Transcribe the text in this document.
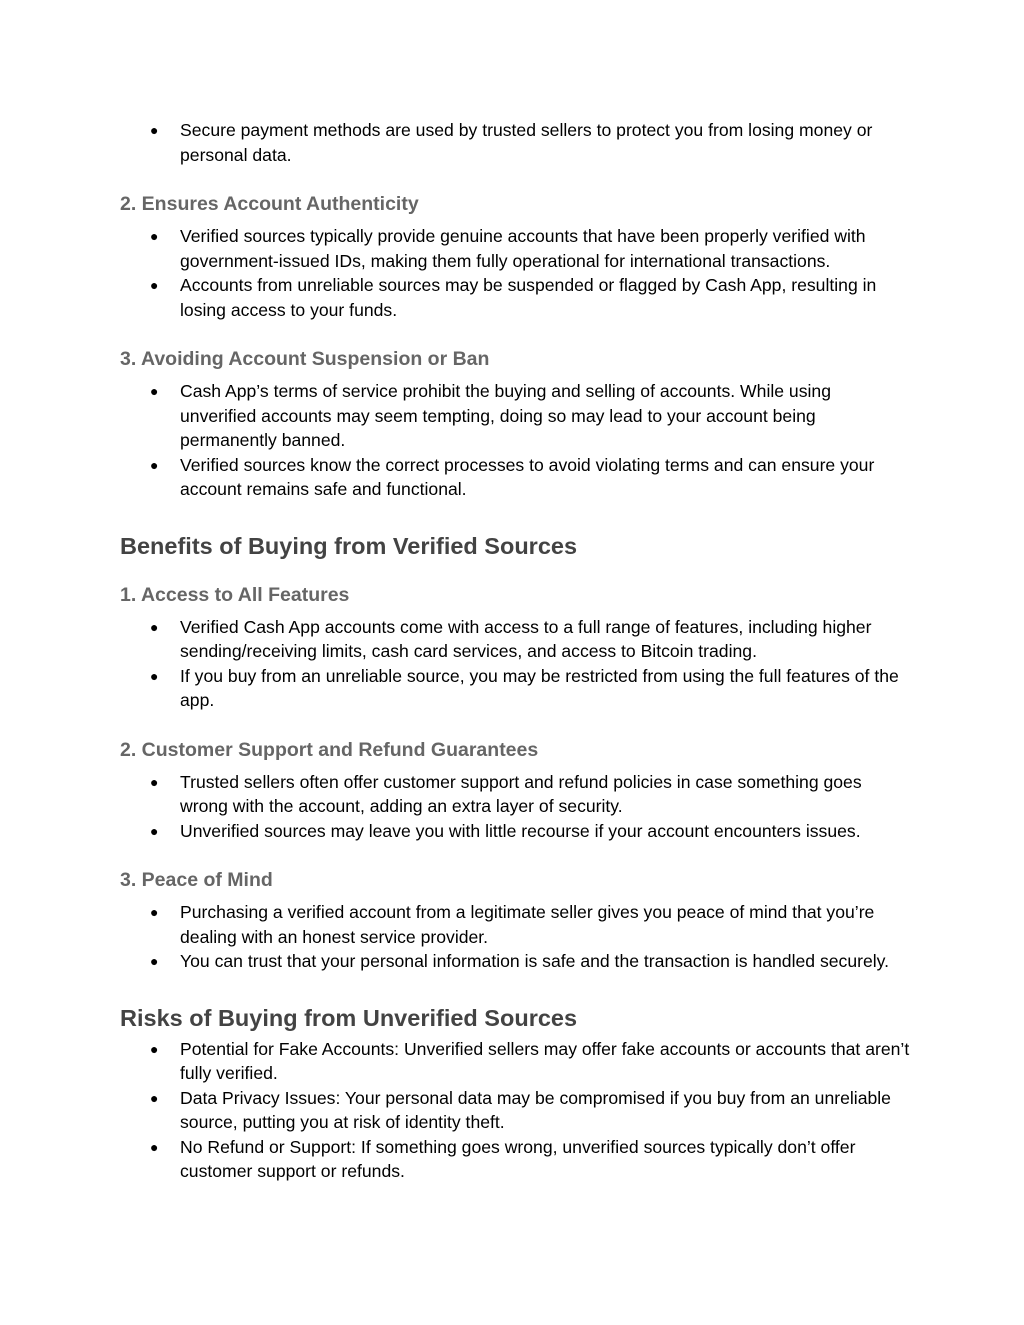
● Secure payment methods are used by trusted sellers to protect you from losing money or personal data.
2. Ensures Account Authenticity
● Verified sources typically provide genuine accounts that have been properly verified with government-issued IDs, making them fully operational for international transactions.
● Accounts from unreliable sources may be suspended or flagged by Cash App, resulting in losing access to your funds.
3. Avoiding Account Suspension or Ban
● Cash App’s terms of service prohibit the buying and selling of accounts. While using unverified accounts may seem tempting, doing so may lead to your account being permanently banned.
● Verified sources know the correct processes to avoid violating terms and can ensure your account remains safe and functional.
Benefits of Buying from Verified Sources
1. Access to All Features
● Verified Cash App accounts come with access to a full range of features, including higher sending/receiving limits, cash card services, and access to Bitcoin trading.
● If you buy from an unreliable source, you may be restricted from using the full features of the app.
2. Customer Support and Refund Guarantees
● Trusted sellers often offer customer support and refund policies in case something goes wrong with the account, adding an extra layer of security.
● Unverified sources may leave you with little recourse if your account encounters issues.
3. Peace of Mind
● Purchasing a verified account from a legitimate seller gives you peace of mind that you’re dealing with an honest service provider.
● You can trust that your personal information is safe and the transaction is handled securely.
Risks of Buying from Unverified Sources
● Potential for Fake Accounts: Unverified sellers may offer fake accounts or accounts that aren’t fully verified.
● Data Privacy Issues: Your personal data may be compromised if you buy from an unreliable source, putting you at risk of identity theft.
● No Refund or Support: If something goes wrong, unverified sources typically don’t offer customer support or refunds.
